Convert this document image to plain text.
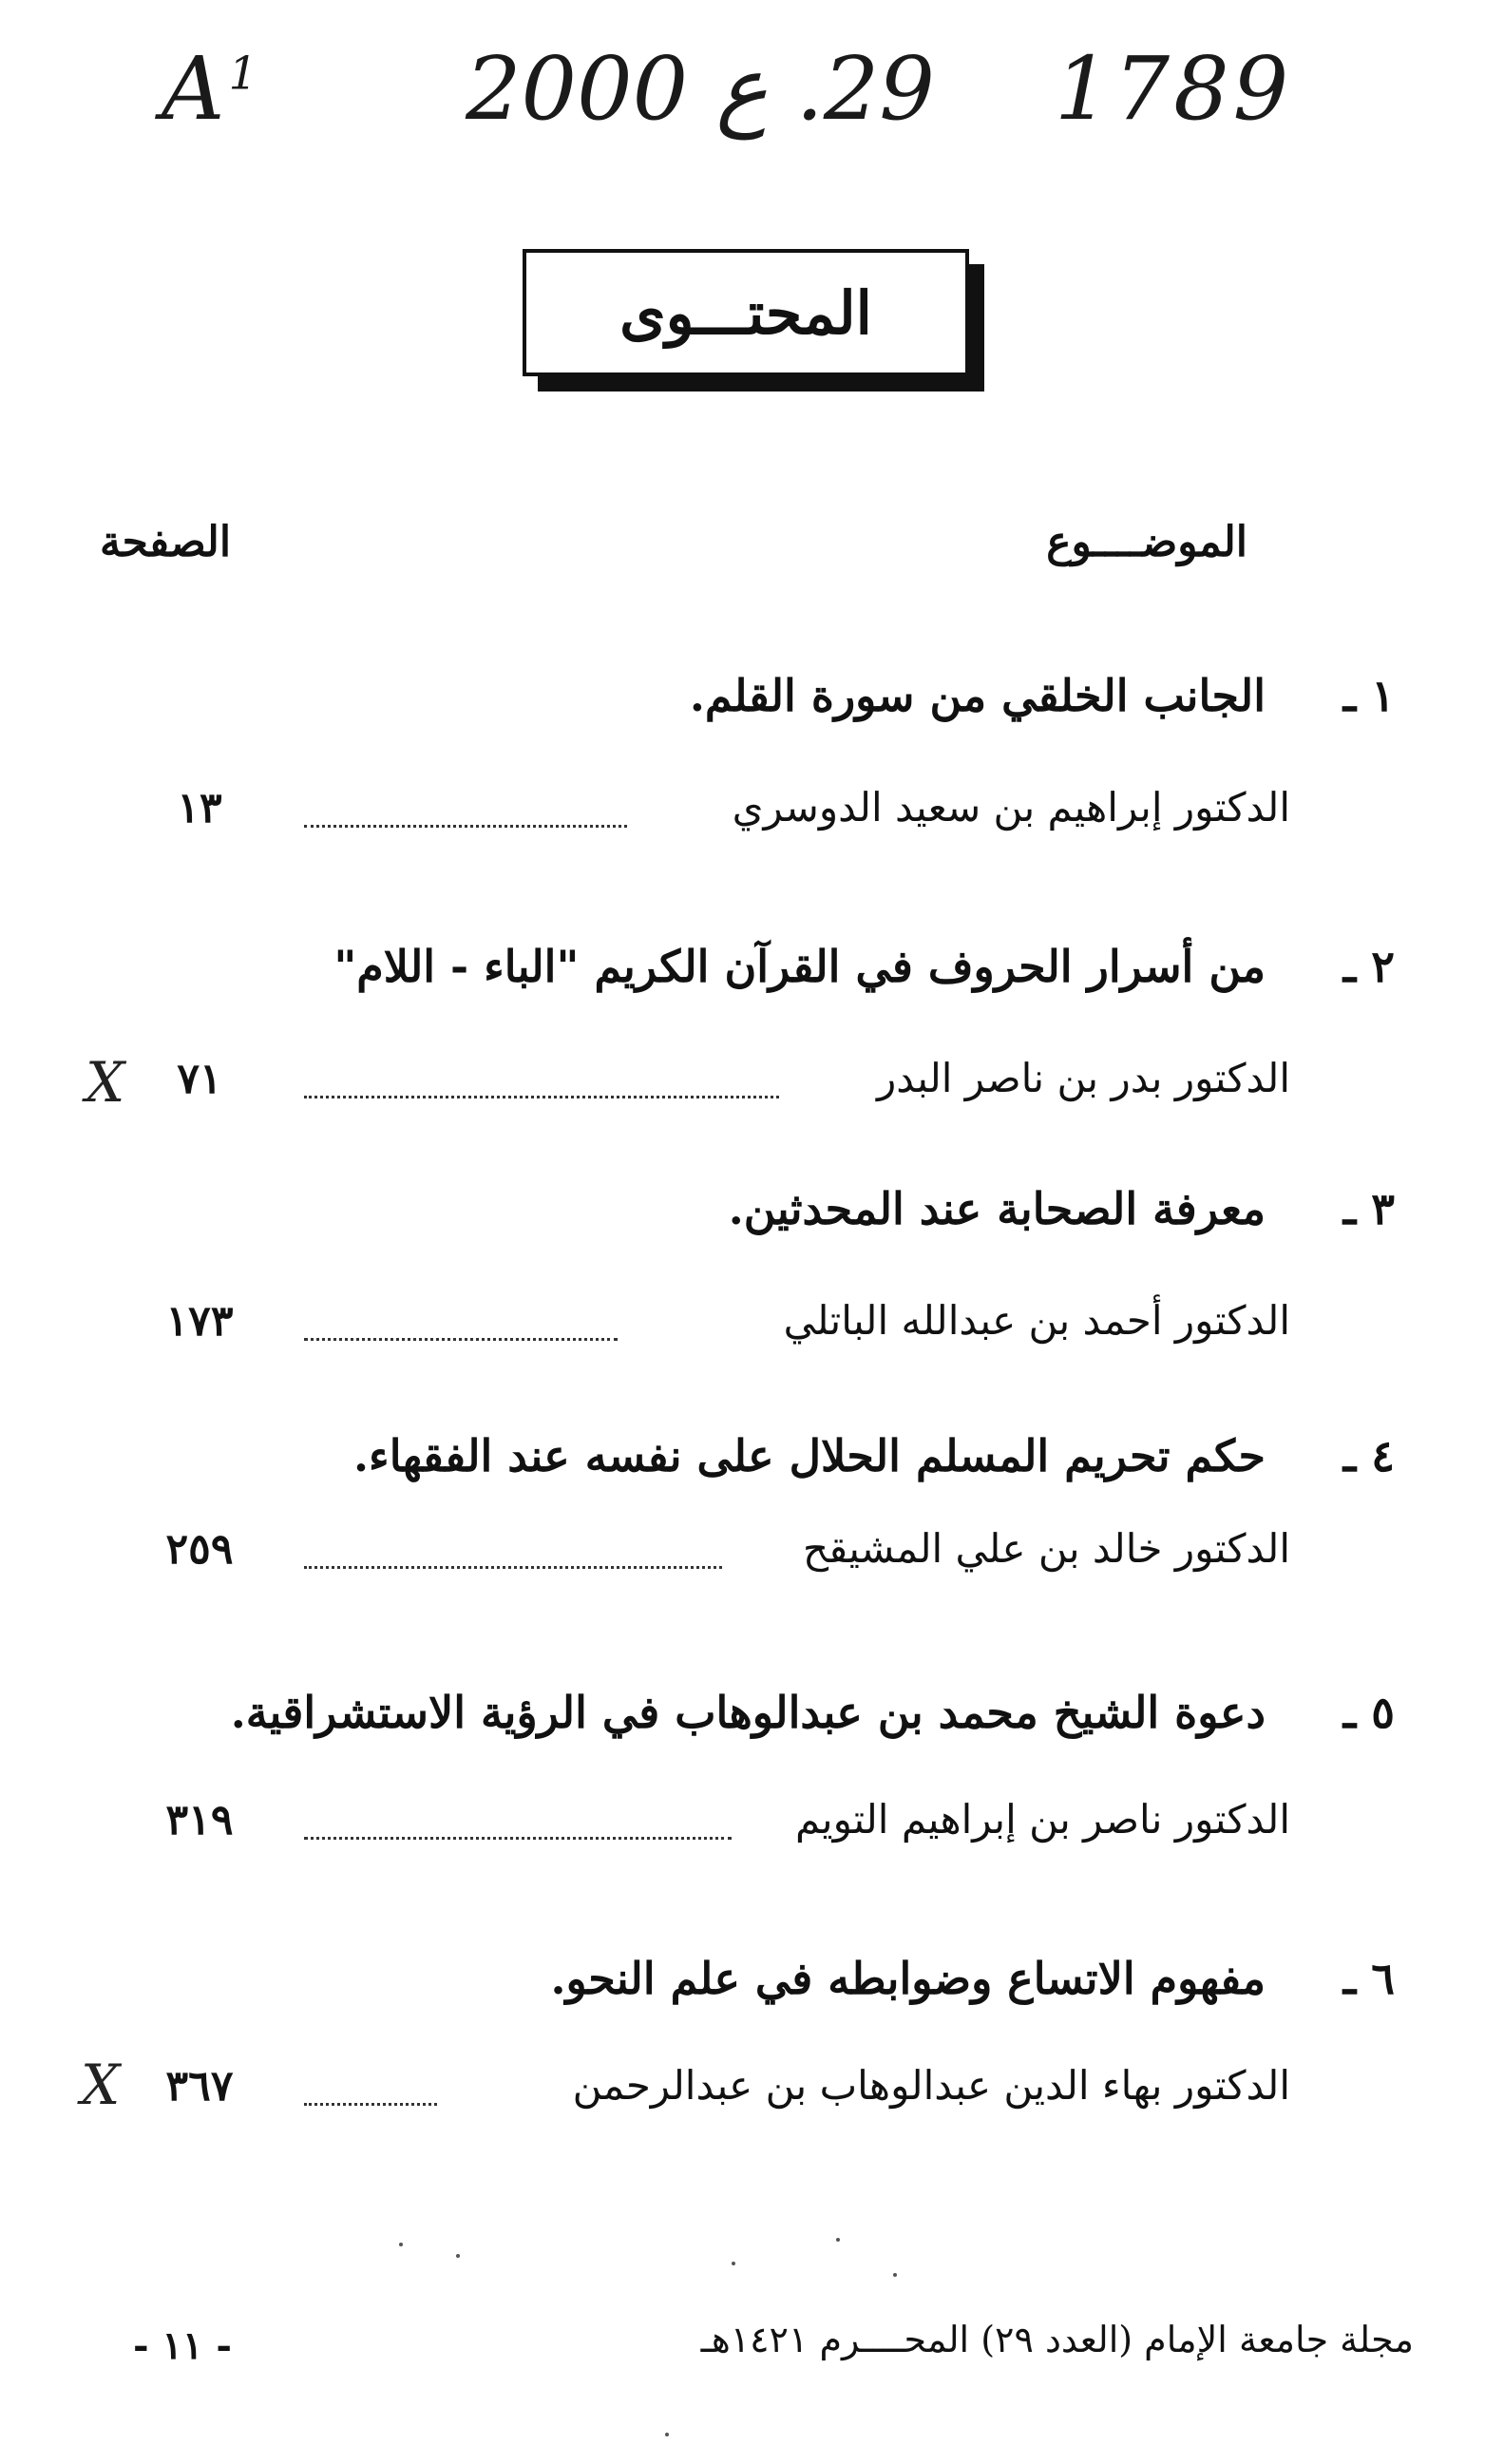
$A^1$ 29. ع 2000 1789
المحتـــوى
الموضــــوع
الصفحة
١ ـ الجانب الخلقي من سورة القلم.
الدكتور إبراهيم بن سعيد الدوسري
١٣
٢ ـ من أسرار الحروف في القرآن الكريم "الباء - اللام"
الدكتور بدر بن ناصر البدر
٧١
X
٣ ـ معرفة الصحابة عند المحدثين.
الدكتور أحمد بن عبدالله الباتلي
١٧٣
٤ ـ حكم تحريم المسلم الحلال على نفسه عند الفقهاء.
الدكتور خالد بن علي المشيقح
٢٥٩
٥ ـ دعوة الشيخ محمد بن عبدالوهاب في الرؤية الاستشراقية.
الدكتور ناصر بن إبراهيم التويم
٣١٩
٦ ـ مفهوم الاتساع وضوابطه في علم النحو.
الدكتور بهاء الدين عبدالوهاب بن عبدالرحمن
٣٦٧
X
- ١١ -	مجلة جامعة الإمام (العدد ٢٩) المحــــرم ١٤٢١هـ
